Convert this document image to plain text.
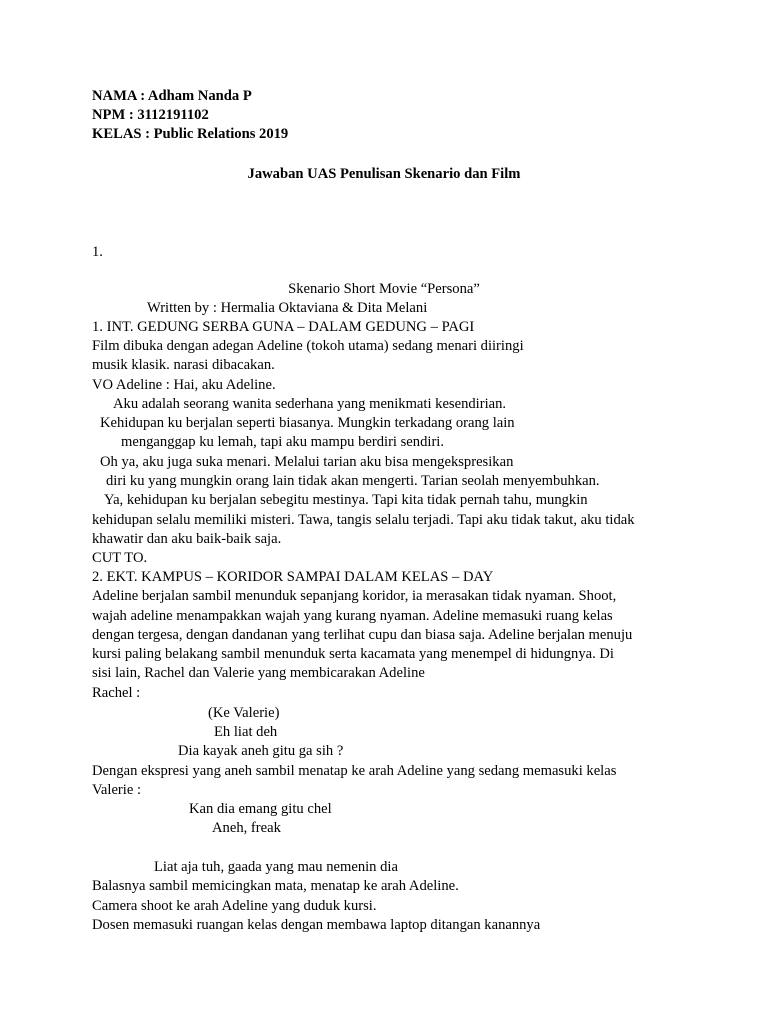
NAMA : Adham Nanda P
NPM : 3112191102
KELAS : Public Relations 2019
Jawaban UAS Penulisan Skenario dan Film
1.
Skenario Short Movie “Persona”
Written by : Hermalia Oktaviana & Dita Melani
1. INT. GEDUNG SERBA GUNA – DALAM GEDUNG – PAGI
Film dibuka dengan adegan Adeline (tokoh utama) sedang menari diiringi
musik klasik. narasi dibacakan.
VO Adeline : Hai, aku Adeline.
Aku adalah seorang wanita sederhana yang menikmati kesendirian.
Kehidupan ku berjalan seperti biasanya. Mungkin terkadang orang lain
menganggap ku lemah, tapi aku mampu berdiri sendiri.
Oh ya, aku juga suka menari. Melalui tarian aku bisa mengekspresikan
diri ku yang mungkin orang lain tidak akan mengerti. Tarian seolah menyembuhkan.
Ya, kehidupan ku berjalan sebegitu mestinya. Tapi kita tidak pernah tahu, mungkin
kehidupan selalu memiliki misteri. Tawa, tangis selalu terjadi. Tapi aku tidak takut, aku tidak
khawatir dan aku baik-baik saja.
CUT TO.
2. EKT. KAMPUS – KORIDOR SAMPAI DALAM KELAS – DAY
Adeline berjalan sambil menunduk sepanjang koridor, ia merasakan tidak nyaman. Shoot,
wajah adeline menampakkan wajah yang kurang nyaman. Adeline memasuki ruang kelas
dengan tergesa, dengan dandanan yang terlihat cupu dan biasa saja. Adeline berjalan menuju
kursi paling belakang sambil menunduk serta kacamata yang menempel di hidungnya. Di
sisi lain, Rachel dan Valerie yang membicarakan Adeline
Rachel :
(Ke Valerie)
Eh liat deh
Dia kayak aneh gitu ga sih ?
Dengan ekspresi yang aneh sambil menatap ke arah Adeline yang sedang memasuki kelas
Valerie :
Kan dia emang gitu chel
Aneh, freak
Liat aja tuh, gaada yang mau nemenin dia
Balasnya sambil memicingkan mata, menatap ke arah Adeline.
Camera shoot ke arah Adeline yang duduk kursi.
Dosen memasuki ruangan kelas dengan membawa laptop ditangan kanannya
